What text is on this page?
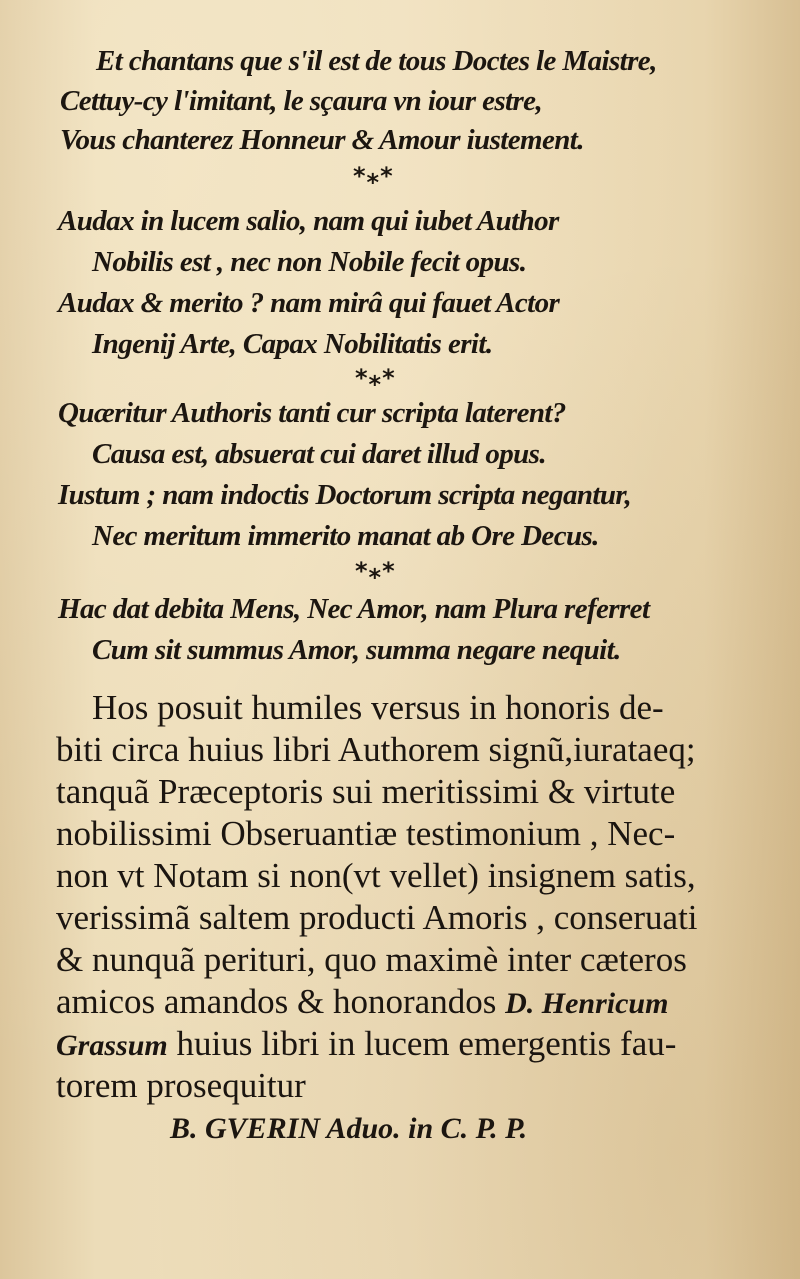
Et chantans que s'il est de tous Doctes le Maistre,
Cettuy-cy l'imitant, le sçaura vn iour estre,
Vous chanterez Honneur & Amour iustement.
*⁎*
Audax in lucem salio, nam qui iubet Author
Nobilis est , nec non Nobile fecit opus.
Audax & merito ? nam mirâ qui fauet Actor
Ingenij Arte, Capax Nobilitatis erit.
*⁎*
Quæritur Authoris tanti cur scripta laterent?
Causa est, absuerat cui daret illud opus.
Iustum ; nam indoctis Doctorum scripta negantur,
Nec meritum immerito manat ab Ore Decus.
*⁎*
Hac dat debita Mens, Nec Amor, nam Plura referret
Cum sit summus Amor, summa negare nequit.
Hos posuit humiles versus in honoris de-
biti circa huius libri Authorem signũ,iurataeq;
tanquã Præceptoris sui meritissimi & virtute
nobilissimi Obseruantiæ testimonium , Nec-
non vt Notam si non(vt vellet) insignem satis,
verissimã saltem producti Amoris , conseruati
& nunquã perituri, quo maximè inter cæteros
amicos amandos & honorandos D. Henricum
Grassum huius libri in lucem emergentis fau-
torem prosequitur
B. GVERIN Aduo. in C. P. P.
